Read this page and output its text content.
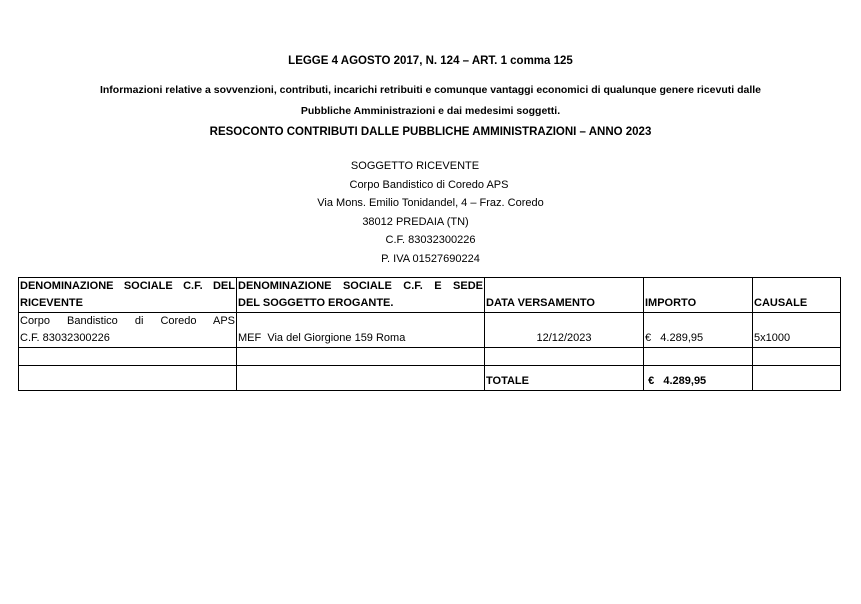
LEGGE 4 AGOSTO 2017, N. 124 – ART. 1 comma 125
Informazioni relative a sovvenzioni, contributi, incarichi retribuiti e comunque vantaggi economici di qualunque genere ricevuti dalle
Pubbliche Amministrazioni e dai medesimi soggetti.
RESOCONTO CONTRIBUTI DALLE PUBBLICHE AMMINISTRAZIONI – ANNO 2023
SOGGETTO RICEVENTE
Corpo Bandistico di Coredo APS
Via Mons. Emilio Tonidandel, 4 – Fraz. Coredo
38012 PREDAIA (TN)
C.F. 83032300226
P. IVA 01527690224
DENOMINAZIONE SOCIALE C.F. DEL
RICEVENTE	DENOMINAZIONE SOCIALE C.F. E SEDE
DEL SOGGETTO EROGANTE.	DATA VERSAMENTO	IMPORTO	CAUSALE

Corpo Bandistico di Coredo APS
C.F. 83032300226	MEF  Via del Giorgione 159 Roma	12/12/2023	€ 4.289,95	5x1000

		TOTALE	€ 4.289,95	
